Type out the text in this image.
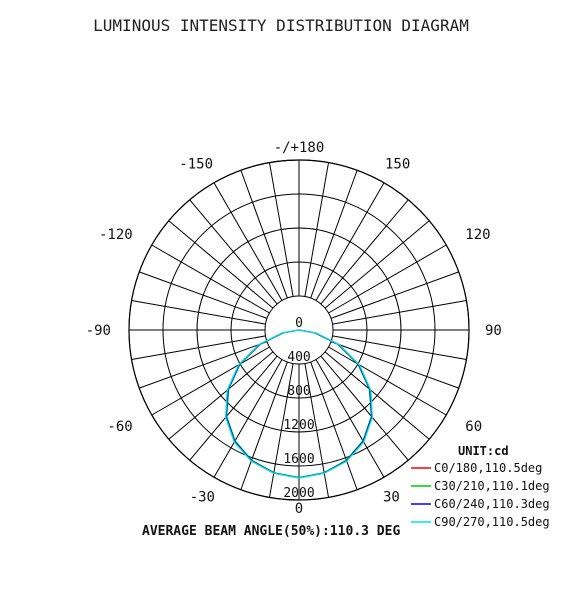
LUMINOUS INTENSITY DISTRIBUTION DIAGRAM
0
400
800
1200
1600
2000
0
30
60
90
120
150
-/+180
-150
-120
-90
-60
-30
UNIT:cd
C0/180,110.5deg
C30/210,110.1deg
C60/240,110.3deg
C90/270,110.5deg
AVERAGE BEAM ANGLE(50%):110.3 DEG
